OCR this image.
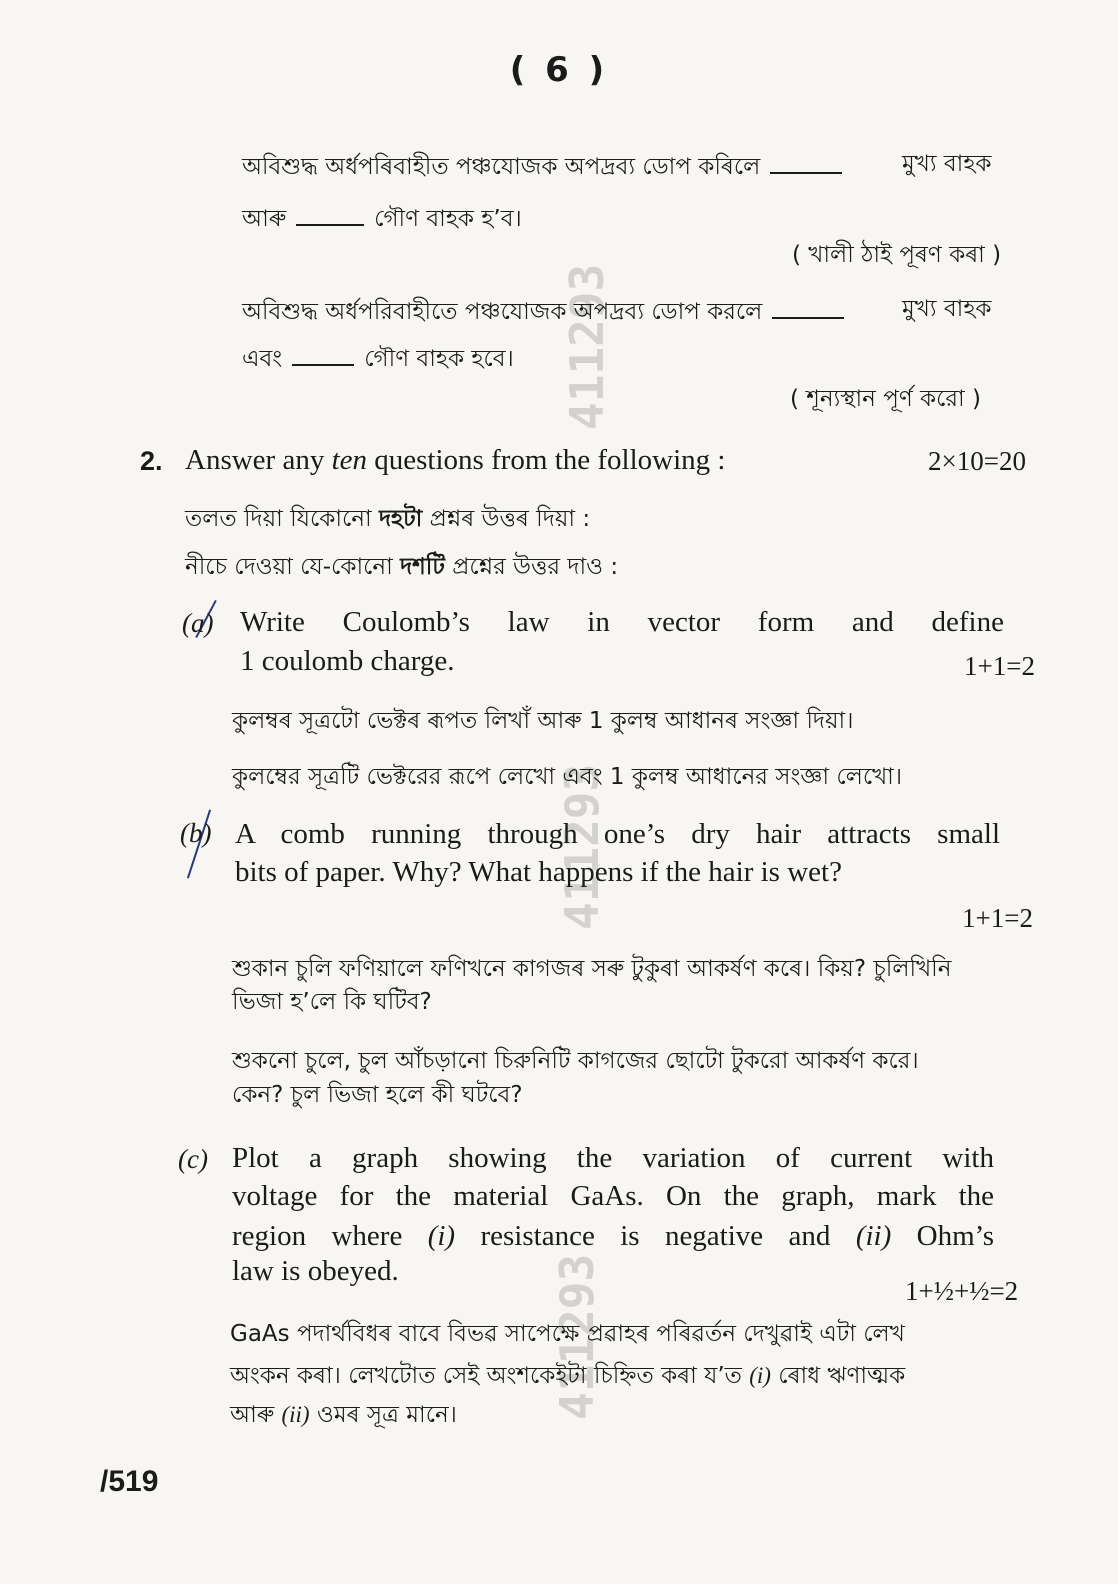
( 6 )
411293
411293
411293
অবিশুদ্ধ অৰ্ধপৰিবাহীত পঞ্চযোজক অপদ্ৰব্য ডোপ কৰিলে	মুখ্য বাহক
আৰু	গৌণ বাহক হ’ব।
( খালী ঠাই পূৰণ কৰা )
অবিশুদ্ধ অর্ধপরিবাহীতে পঞ্চযোজক অপদ্রব্য ডোপ করলে	মুখ্য বাহক
এবং	গৌণ বাহক হবে।
( শূন্যস্থান পূর্ণ করো )
2. Answer any ten questions from the following :	2×10=20
তলত দিয়া যিকোনো দহটা প্ৰশ্নৰ উত্তৰ দিয়া :
নীচে দেওয়া যে-কোনো দশটি প্রশ্নের উত্তর দাও :
(a) Write Coulomb’s law in vector form and define
1 coulomb charge.	1+1=2
কুলম্বৰ সূত্ৰটো ভেক্টৰ ৰূপত লিখাঁ আৰু 1 কুলম্ব আধানৰ সংজ্ঞা দিয়া।
কুলম্বের সূত্রটি ভেক্টরের রূপে লেখো এবং 1 কুলম্ব আধানের সংজ্ঞা লেখো।
(b) A comb running through one’s dry hair attracts small
bits of paper. Why? What happens if the hair is wet?
1+1=2
শুকান চুলি ফণিয়ালে ফণিখনে কাগজৰ সৰু টুকুৰা আকৰ্ষণ কৰে। কিয়? চুলিখিনি
ভিজা হ’লে কি ঘটিব?
শুকনো চুলে, চুল আঁচড়ানো চিরুনিটি কাগজের ছোটো টুকরো আকর্ষণ করে।
কেন? চুল ভিজা হলে কী ঘটবে?
(c) Plot a graph showing the variation of current with
voltage for the material GaAs. On the graph, mark the
region where (i) resistance is negative and (ii) Ohm’s
law is obeyed.
1+½+½=2
GaAs পদাৰ্থবিধৰ বাবে বিভৱ সাপেক্ষে প্ৰৱাহৰ পৰিৱৰ্তন দেখুৱাই এটা লেখ
অংকন কৰা। লেখটোত সেই অংশকেইটা চিহ্নিত কৰা য’ত (i) ৰোধ ঋণাত্মক
আৰু (ii) ওমৰ সূত্ৰ মানে।
/519
